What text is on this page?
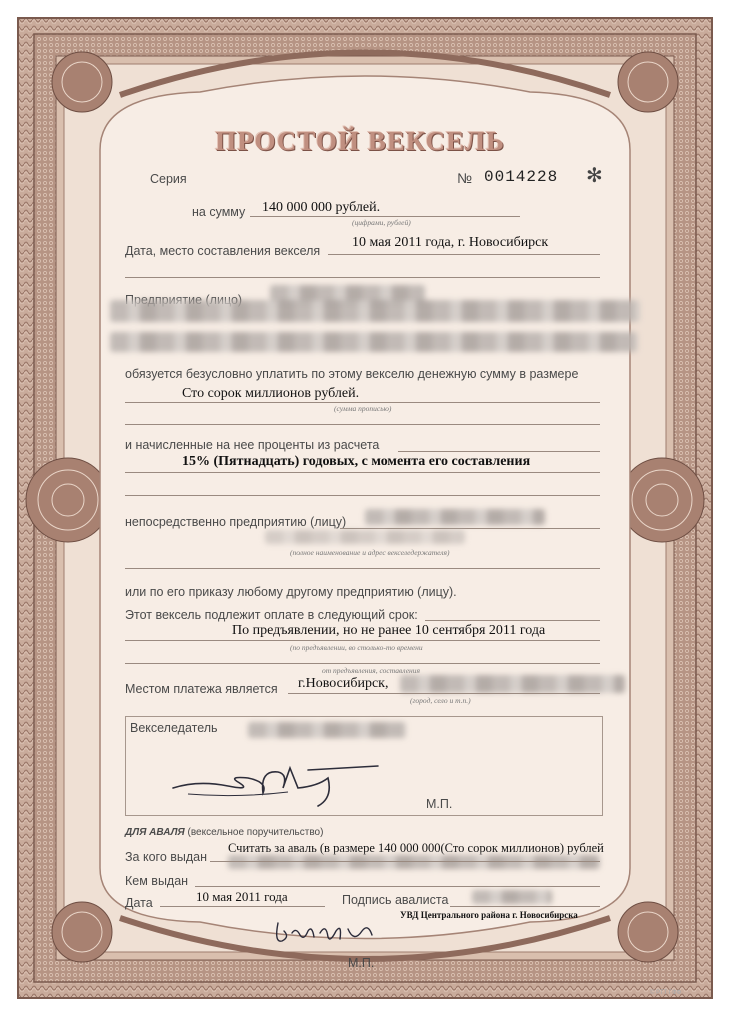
ПРОСТОЙ ВЕКСЕЛЬ
Серия	№ 0014228 ✻
на сумму 140 000 000 рублей.
(цифрами, рублей)
Дата, место составления векселя
10 мая 2011 года, г. Новосибирск
обязуется безусловно уплатить по этому векселю денежную сумму в размере
Сто сорок миллионов рублей.
(сумма прописью)
и начисленные на нее проценты из расчета
15% (Пятнадцать) годовых, с момента его составления
непосредственно предприятию (лицу)
(полное наименование и адрес векселедержателя)
или по его приказу любому другому предприятию (лицу).
Этот вексель подлежит оплате в следующий срок:
По предъявлении, но не ранее 10 сентября 2011 года
(по предъявлении, во столько-то времени
от предъявления, составления
Местом платежа является г.Новосибирск,
(город, село и т.п.)
Векселедатель
М.П.
ДЛЯ АВАЛЯ (вексельное поручительство)
За кого выдан
Считать за аваль (в размере 140 000 000(Сто сорок миллионов) рублей
Кем выдан
Дата	10 мая 2011 года	Подпись авалиста
УВД Центрального района г. Новосибирска
М.П.
© РТТ ГФФ
